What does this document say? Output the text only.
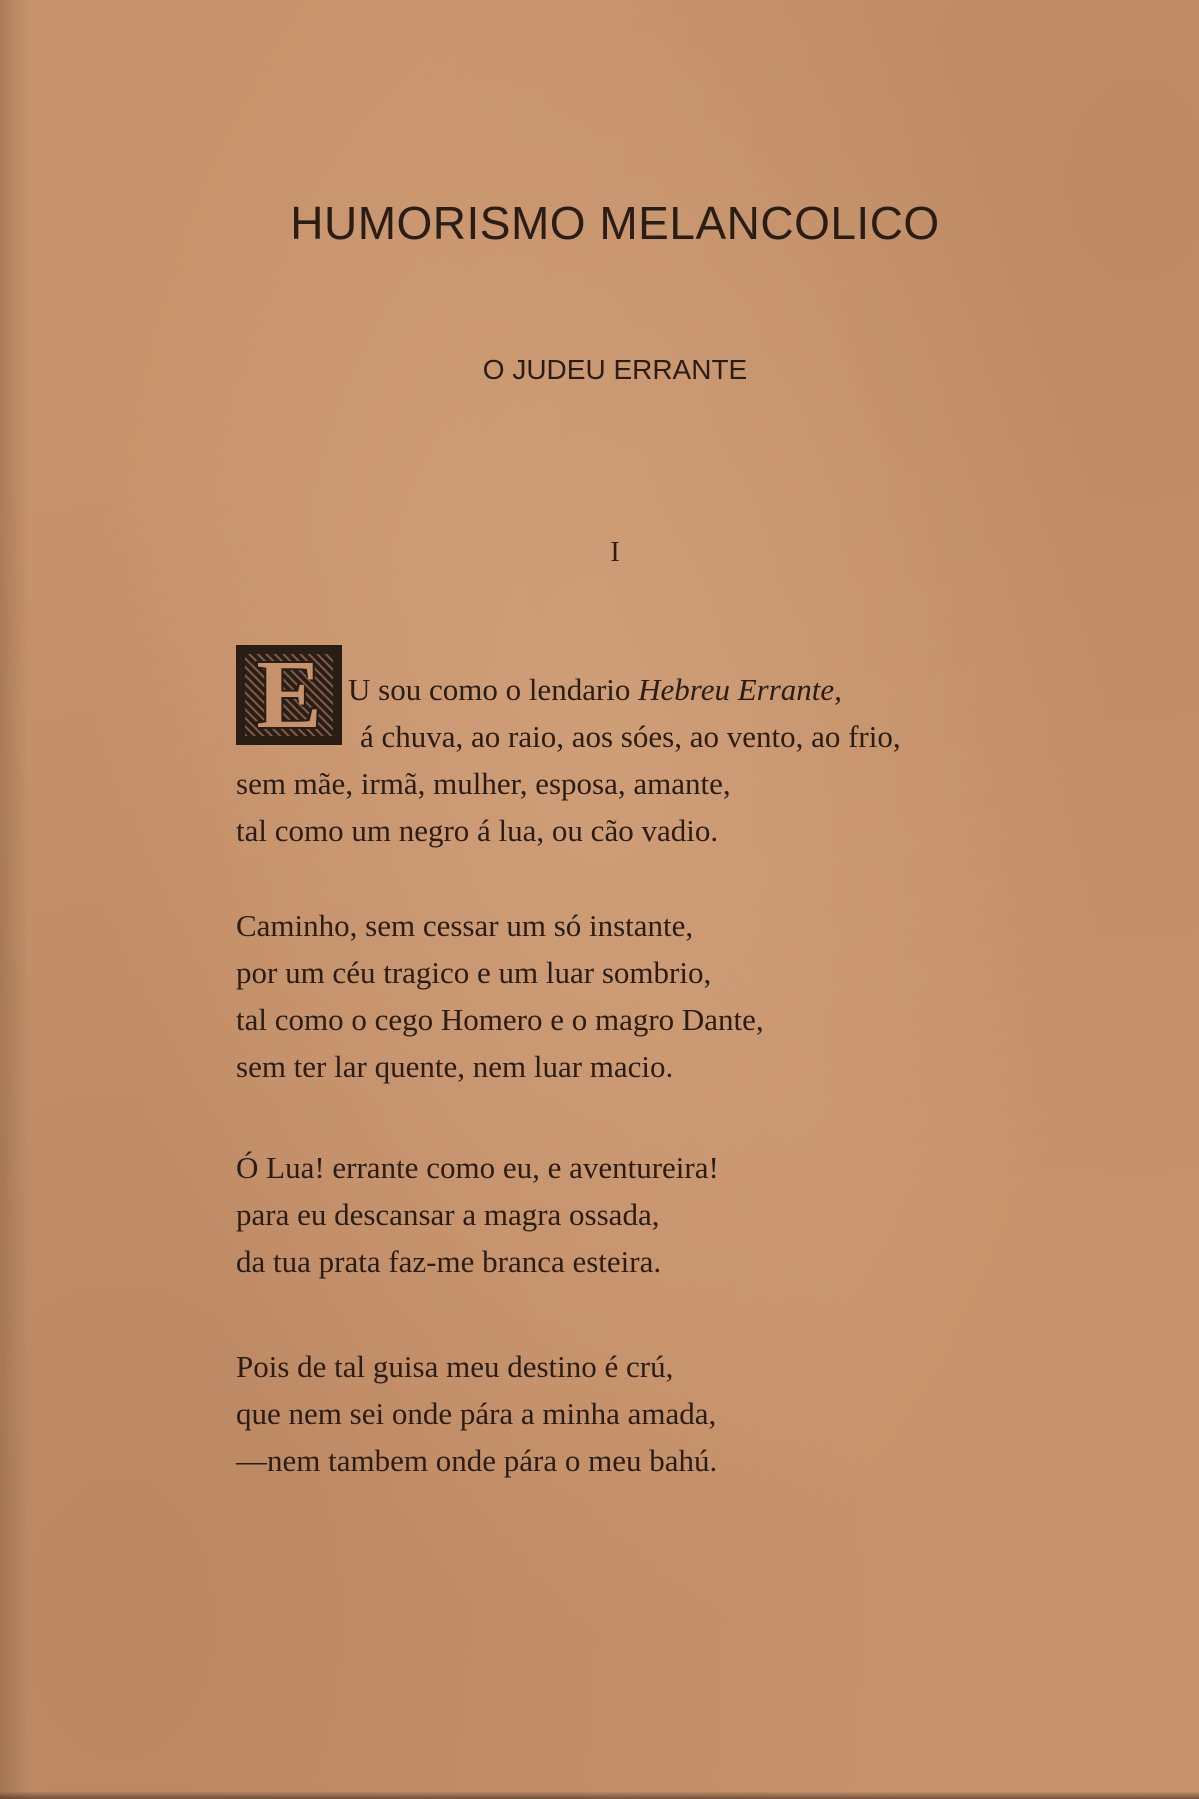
HUMORISMO MELANCOLICO
O JUDEU ERRANTE
I
E U sou como o lendario Hebreu Errante,
á chuva, ao raio, aos sóes, ao vento, ao frio,
sem mãe, irmã, mulher, esposa, amante,
tal como um negro á lua, ou cão vadio.
Caminho, sem cessar um só instante,
por um céu tragico e um luar sombrio,
tal como o cego Homero e o magro Dante,
sem ter lar quente, nem luar macio.
Ó Lua! errante como eu, e aventureira!
para eu descansar a magra ossada,
da tua prata faz-me branca esteira.
Pois de tal guisa meu destino é crú,
que nem sei onde pára a minha amada,
—nem tambem onde pára o meu bahú.
